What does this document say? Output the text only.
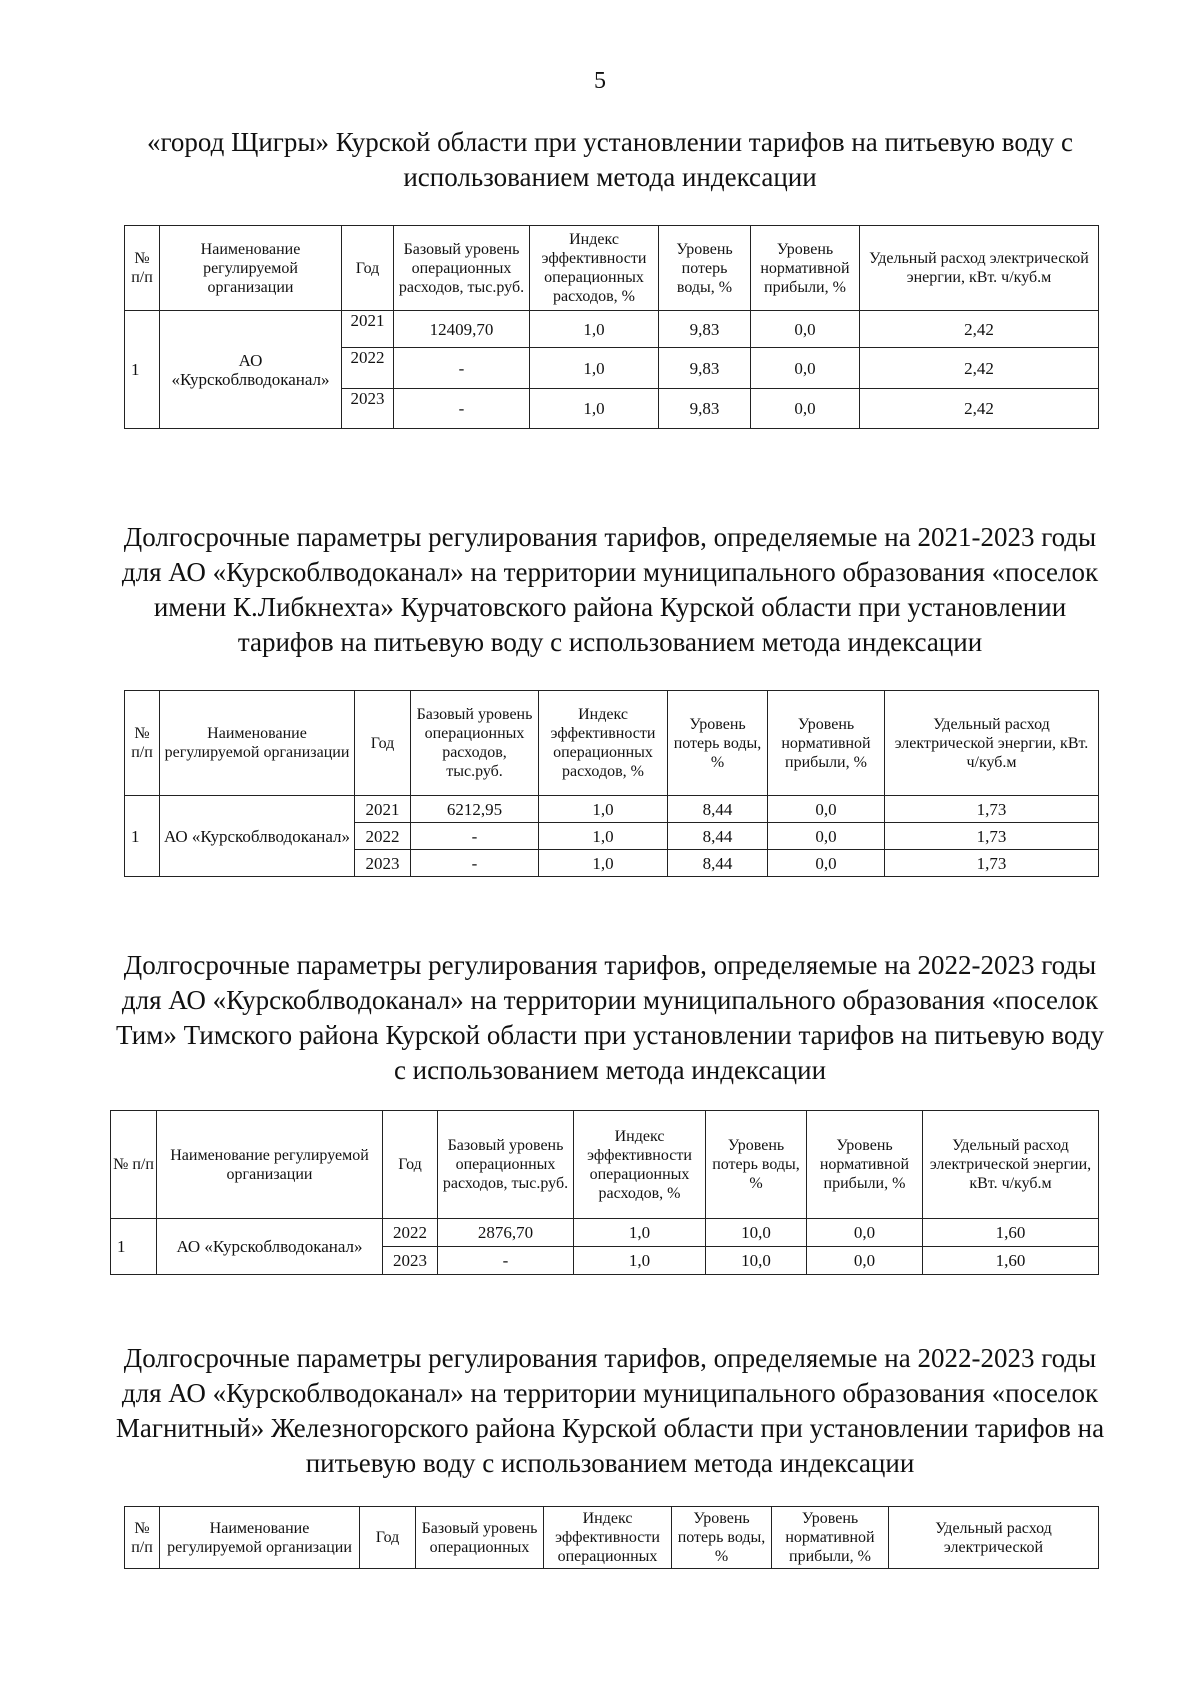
5
«город Щигры» Курской области при установлении тарифов на питьевую воду с использованием метода индексации
№ п/п	Наименование регулируемой организации	Год	Базовый уровень операционных расходов, тыс.руб.	Индекс эффективности операционных расходов, %	Уровень потерь воды, %	Уровень нормативной прибыли, %	Удельный расход электрической энергии, кВт. ч/куб.м
1	АО «Курскоблводоканал»	2021	12409,70	1,0	9,83	0,0	2,42
		2022	-	1,0	9,83	0,0	2,42
		2023	-	1,0	9,83	0,0	2,42
Долгосрочные параметры регулирования тарифов, определяемые на 2021-2023 годы для АО «Курскоблводоканал» на территории муниципального образования «поселок имени К.Либкнехта» Курчатовского района Курской области при установлении тарифов на питьевую воду с использованием метода индексации
№ п/п	Наименование регулируемой организации	Год	Базовый уровень операционных расходов, тыс.руб.	Индекс эффективности операционных расходов, %	Уровень потерь воды, %	Уровень нормативной прибыли, %	Удельный расход электрической энергии, кВт. ч/куб.м
1	АО «Курскоблводоканал»	2021	6212,95	1,0	8,44	0,0	1,73
		2022	-	1,0	8,44	0,0	1,73
		2023	-	1,0	8,44	0,0	1,73
Долгосрочные параметры регулирования тарифов, определяемые на 2022-2023 годы для АО «Курскоблводоканал» на территории муниципального образования «поселок Тим» Тимского района Курской области при установлении тарифов на питьевую воду с использованием метода индексации
№ п/п	Наименование регулируемой организации	Год	Базовый уровень операционных расходов, тыс.руб.	Индекс эффективности операционных расходов, %	Уровень потерь воды, %	Уровень нормативной прибыли, %	Удельный расход электрической энергии, кВт. ч/куб.м
1	АО «Курскоблводоканал»	2022	2876,70	1,0	10,0	0,0	1,60
		2023	-	1,0	10,0	0,0	1,60
Долгосрочные параметры регулирования тарифов, определяемые на 2022-2023 годы для АО «Курскоблводоканал» на территории муниципального образования «поселок Магнитный» Железногорского района Курской области при установлении тарифов на питьевую воду с использованием метода индексации
№ п/п	Наименование регулируемой организации	Год	Базовый уровень операционных	Индекс эффективности операционных	Уровень потерь воды, %	Уровень нормативной прибыли, %	Удельный расход электрической
